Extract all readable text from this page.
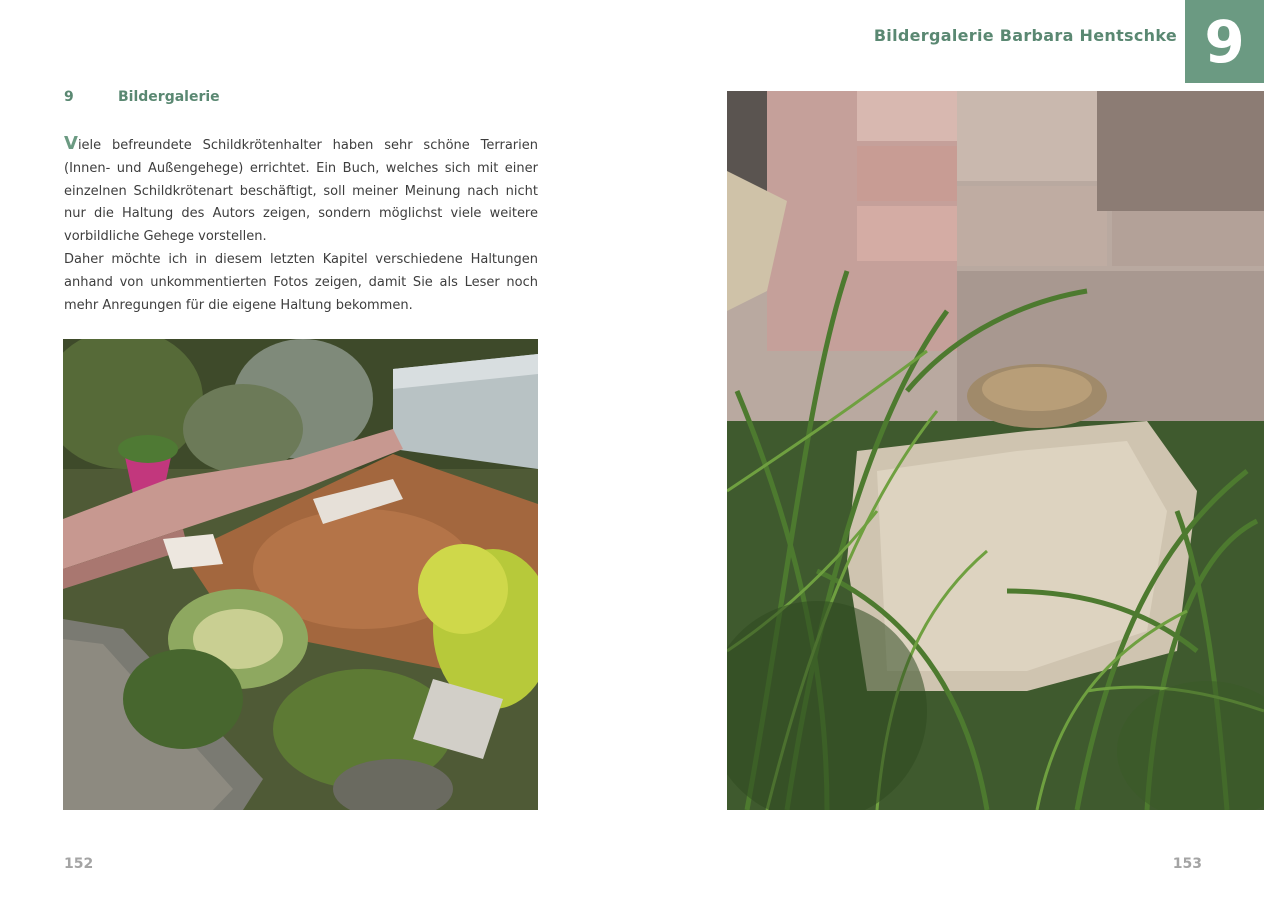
9	Bildergalerie

Viele befreundete Schildkrötenhalter haben sehr schöne Terrarien (Innen- und Außengehege) errichtet. Ein Buch, welches sich mit einer einzelnen Schildkrötenart beschäftigt, soll meiner Meinung nach nicht nur die Haltung des Autors zeigen, sondern möglichst viele weitere vorbildliche Gehege vorstellen.

Daher möchte ich in diesem letzten Kapitel verschiedene Haltungen anhand von unkommentierten Fotos zeigen, damit Sie als Leser noch mehr Anregungen für die eigene Haltung bekommen.

152
Bildergalerie Barbara Hentschke 9
153
